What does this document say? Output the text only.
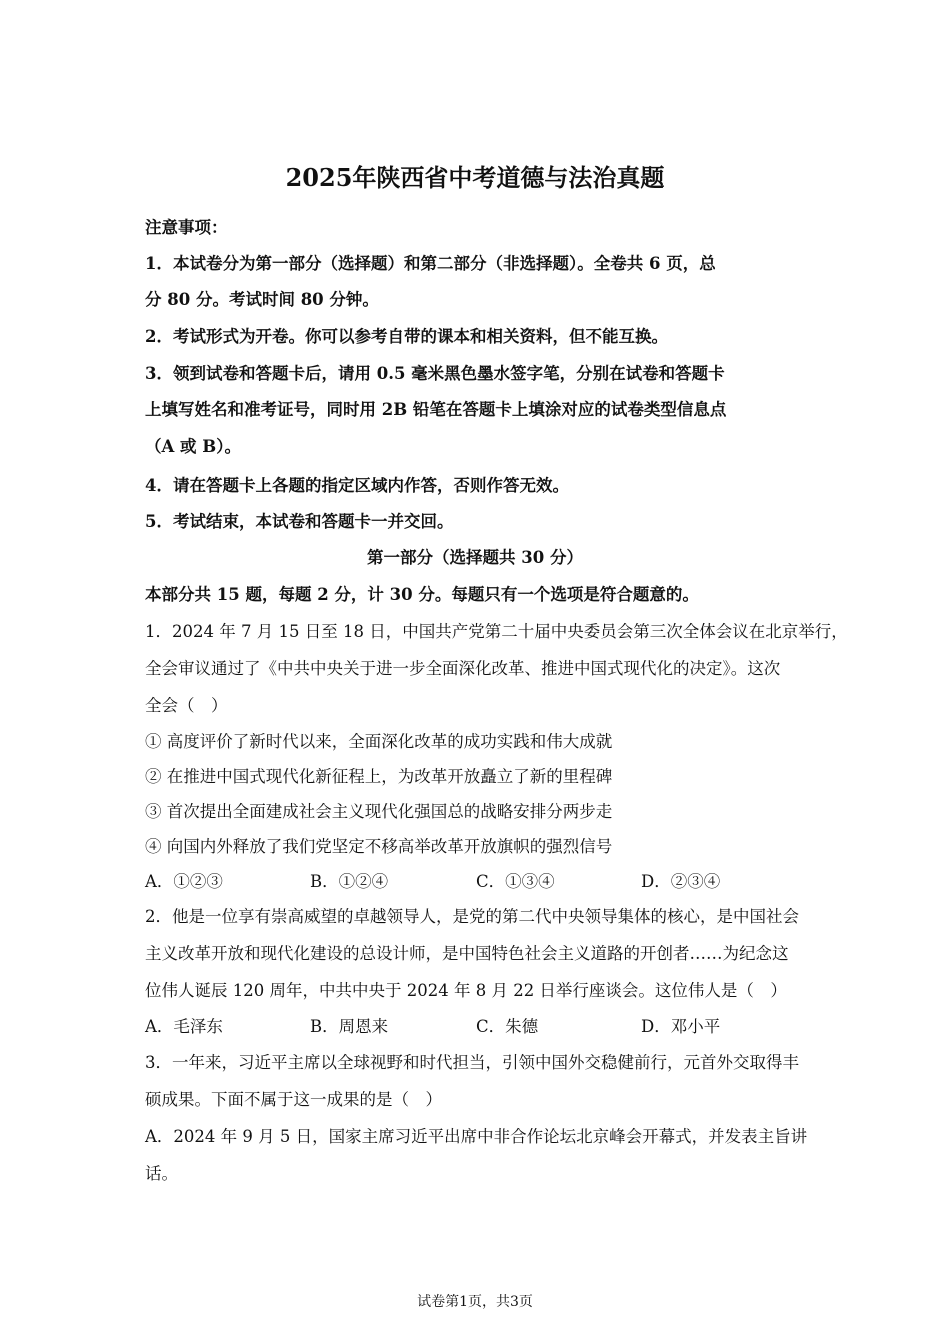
2025年陕西省中考道德与法治真题
注意事项：
1．本试卷分为第一部分（选择题）和第二部分（非选择题）。全卷共 6 页，总
分 80 分。考试时间 80 分钟。
2．考试形式为开卷。你可以参考自带的课本和相关资料，但不能互换。
3．领到试卷和答题卡后，请用 0.5 毫米黑色墨水签字笔，分别在试卷和答题卡
上填写姓名和准考证号，同时用 2B 铅笔在答题卡上填涂对应的试卷类型信息点
（A 或 B）。
4．请在答题卡上各题的指定区域内作答，否则作答无效。
5．考试结束，本试卷和答题卡一并交回。
第一部分（选择题共 30 分）
本部分共 15 题，每题 2 分，计 30 分。每题只有一个选项是符合题意的。
1．2024 年 7 月 15 日至 18 日，中国共产党第二十届中央委员会第三次全体会议在北京举行，
全会审议通过了《中共中央关于进一步全面深化改革、推进中国式现代化的决定》。这次
全会（　）
① 高度评价了新时代以来，全面深化改革的成功实践和伟大成就
② 在推进中国式现代化新征程上，为改革开放矗立了新的里程碑
③ 首次提出全面建成社会主义现代化强国总的战略安排分两步走
④ 向国内外释放了我们党坚定不移高举改革开放旗帜的强烈信号
A．①②③	B．①②④	C．①③④	D．②③④
2．他是一位享有崇高威望的卓越领导人，是党的第二代中央领导集体的核心，是中国社会
主义改革开放和现代化建设的总设计师，是中国特色社会主义道路的开创者……为纪念这
位伟人诞辰 120 周年，中共中央于 2024 年 8 月 22 日举行座谈会。这位伟人是（　）
A．毛泽东	B．周恩来	C．朱德	D．邓小平
3．一年来，习近平主席以全球视野和时代担当，引领中国外交稳健前行，元首外交取得丰
硕成果。下面不属于这一成果的是（　）
A．2024 年 9 月 5 日，国家主席习近平出席中非合作论坛北京峰会开幕式，并发表主旨讲
话。
试卷第1页，共3页
